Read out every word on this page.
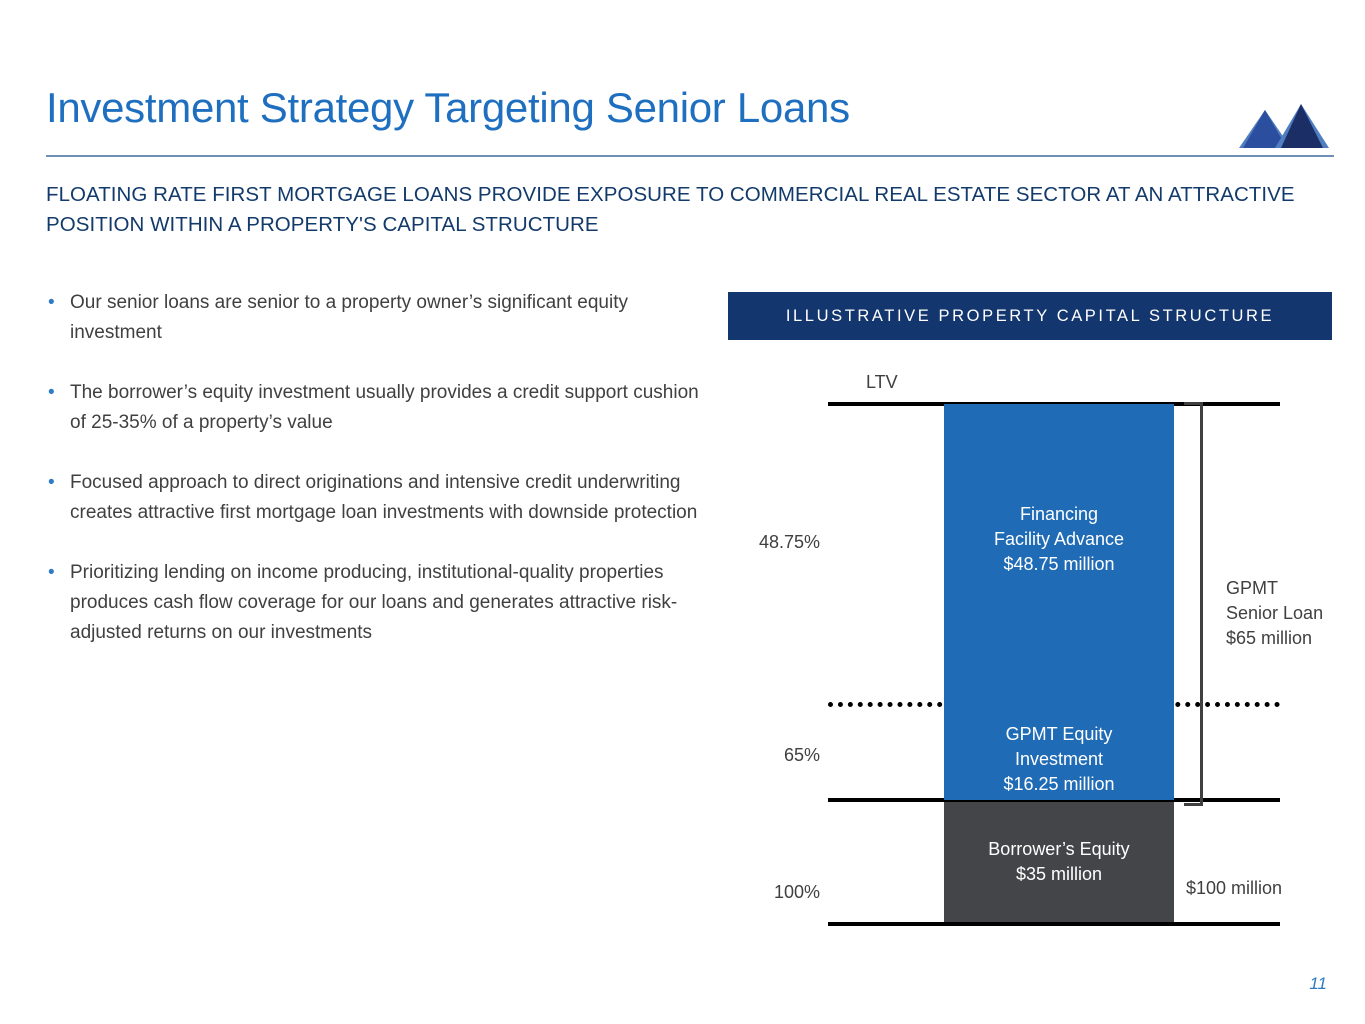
Investment Strategy Targeting Senior Loans
FLOATING RATE FIRST MORTGAGE LOANS PROVIDE EXPOSURE TO COMMERCIAL REAL ESTATE SECTOR AT AN ATTRACTIVE POSITION WITHIN A PROPERTY'S CAPITAL STRUCTURE
• Our senior loans are senior to a property owner’s significant equity investment
• The borrower’s equity investment usually provides a credit support cushion of 25-35% of a property’s value
• Focused approach to direct originations and intensive credit underwriting creates attractive first mortgage loan investments with downside protection
• Prioritizing lending on income producing, institutional-quality properties produces cash flow coverage for our loans and generates attractive risk-adjusted returns on our investments
ILLUSTRATIVE PROPERTY CAPITAL STRUCTURE
LTV
Financing
Facility Advance
$48.75 million
GPMT Equity
Investment
$16.25 million
Borrower’s Equity
$35 million
48.75%
65%
100%
GPMT
Senior Loan
$65 million
$100 million
11
